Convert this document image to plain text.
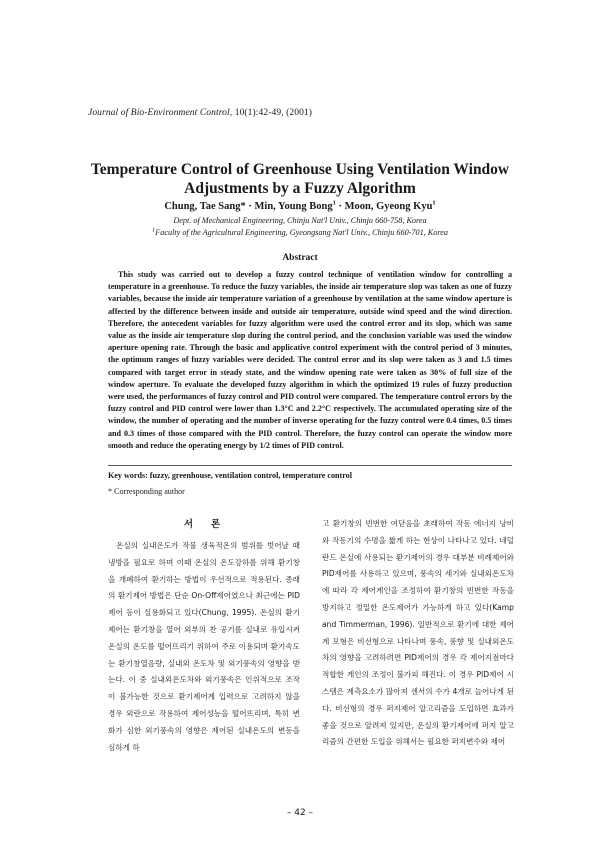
Journal of Bio-Environment Control, 10(1):42-49, (2001)
Temperature Control of Greenhouse Using Ventilation Window
Adjustments by a Fuzzy Algorithm
Chung, Tae Sang* · Min, Young Bong$^1$ · Moon, Gyeong Kyu$^1$
Dept. of Mechanical Engineering, Chinju Nat'l Univ., Chinju 660-758, Korea
$^1$Faculty of the Agricultural Engineering, Gyeongsang Nat'l Univ., Chinju 660-701, Korea
Abstract

This study was carried out to develop a fuzzy control technique of ventilation window for controlling a temperature in a greenhouse. To reduce the fuzzy variables, the inside air temperature slop was taken as one of fuzzy variables, because the inside air temperature variation of a greenhouse by ventilation at the same window aperture is affected by the difference between inside and outside air temperature, outside wind speed and the wind direction. Therefore, the antecedent variables for fuzzy algorithm were used the control error and its slop, which was same value as the inside air temperature slop during the control period, and the conclusion variable was used the window aperture opening rate. Through the basic and applicative control experiment with the control period of 3 minutes, the optimum ranges of fuzzy variables were decided. The control error and its slop were taken as 3 and 1.5 times compared with target error in steady state, and the window opening rate were taken as 30% of full size of the window aperture. To evaluate the developed fuzzy algorithm in which the optimized 19 rules of fuzzy production were used, the performances of fuzzy control and PID control were compared. The temperature control errors by the fuzzy control and PID control were lower than 1.3°C and 2.2°C respectively. The accumulated operating size of the window, the number of operating and the number of inverse operating for the fuzzy control were 0.4 times, 0.5 times and 0.3 times of those compared with the PID control. Therefore, the fuzzy control can operate the window more smooth and reduce the operating energy by 1/2 times of PID control.

Key words: fuzzy, greenhouse, ventilation control, temperature control
* Corresponding author
서론

온실의 실내온도가 작물 생육적온의 범위를 벗어날 때 냉방을 필요로 하며 이때 온실의 온도강하를 위해 환기창을 개폐하여 환기하는 방법이 우선적으로 적용된다. 종래의 환기제어 방법은 단순 On-Off제어였으나 최근에는 PID제어 등이 실용화되고 있다(Chung, 1995). 온실의 환기제어는 환기창을 열어 외부의 찬 공기를 실내로 유입시켜 온실의 온도를 떨어뜨리기 위하여 주로 이용되며 환기속도는 환기창열음량, 실내외 온도차 및 외기풍속의 영향을 받는다. 이 중 실내외온도차와 외기풍속은 인위적으로 조작이 불가능한 것으로 환기제어계 입력으로 고려하지 않을 경우 외란으로 작용하여 제어성능을 떨어뜨리며, 특히 변화가 심한 외기풍속의 영향은 제어된 실내온도의 변동을 심하게 하

고 환기창의 빈번한 여닫음을 초래하여 작동 에너지 낭비와 작동기의 수명을 짧게 하는 현상이 나타나고 있다. 네덜란드 온실에 사용되는 환기제어의 경우 대부분 비례제어와 PID제어를 사용하고 있으며, 풍속의 세기와 실내외온도차에 따라 각 제어계인을 조정하여 환기창의 빈번한 작동을 방지하고 정밀한 온도제어가 가능하게 하고 있다(Kamp and Timmerman, 1996). 일반적으로 환기에 대한 제어계 모형은 비선형으로 나타나며 풍속, 풍향 및 실내외온도차의 영향을 고려하려면 PID제어의 경우 각 제어지점마다 적합한 게인의 조정이 불가피 해진다. 이 경우 PID제어 시스템은 계측요소가 많아져 센서의 수가 4개로 늘어나게 된다. 비선형의 경우 퍼지제어 알고리즘을 도입하면 효과가 좋을 것으로 알려져 있지만, 온실의 환기제어에 퍼지 알고리즘의 간편한 도입을 위해서는 필요한 퍼지변수와 제어

– 42 –
